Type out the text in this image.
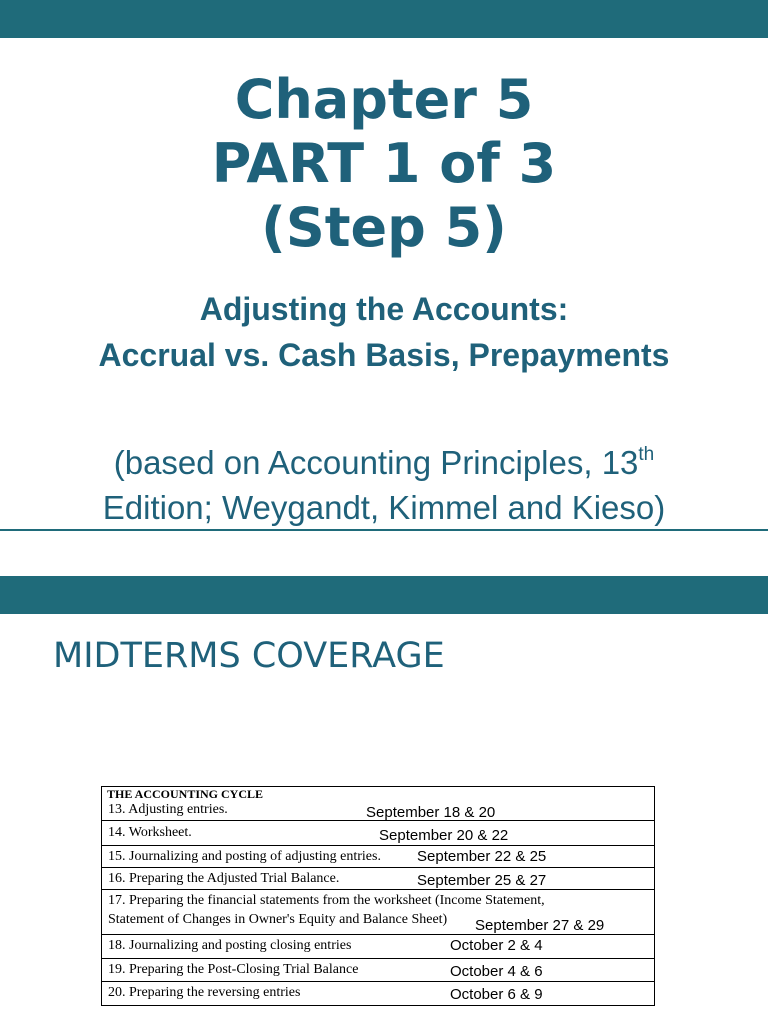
Chapter 5
PART 1 of 3
(Step 5)
Adjusting the Accounts:
Accrual vs. Cash Basis, Prepayments
(based on Accounting Principles, 13th
Edition; Weygandt, Kimmel and Kieso)
MIDTERMS COVERAGE
THE ACCOUNTING CYCLE
13. Adjusting entries.	September 18 & 20
14. Worksheet.	September 20 & 22
15. Journalizing and posting of adjusting entries. September 22 & 25
16. Preparing the Adjusted Trial Balance.	September 25 & 27
17. Preparing the financial statements from the worksheet (Income Statement,
Statement of Changes in Owner's Equity and Balance Sheet) September 27 & 29
18. Journalizing and posting closing entries	October 2 & 4
19. Preparing the Post-Closing Trial Balance	October 4 & 6
20. Preparing the reversing entries	October 6 & 9
